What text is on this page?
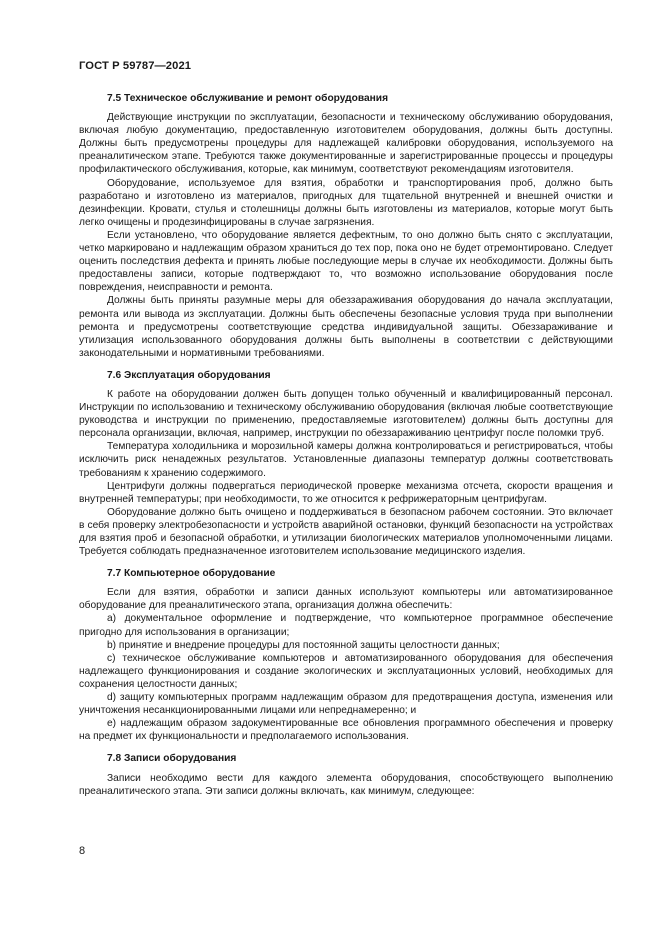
ГОСТ Р 59787—2021
7.5 Техническое обслуживание и ремонт оборудования

Действующие инструкции по эксплуатации, безопасности и техническому обслуживанию оборудования, включая любую документацию, предоставленную изготовителем оборудования, должны быть доступны. Должны быть предусмотрены процедуры для надлежащей калибровки оборудования, используемого на преаналитическом этапе. Требуются также документированные и зарегистрированные процессы и процедуры профилактического обслуживания, которые, как минимум, соответствуют рекомендациям изготовителя.

Оборудование, используемое для взятия, обработки и транспортирования проб, должно быть разработано и изготовлено из материалов, пригодных для тщательной внутренней и внешней очистки и дезинфекции. Кровати, стулья и столешницы должны быть изготовлены из материалов, которые могут быть легко очищены и продезинфицированы в случае загрязнения.

Если установлено, что оборудование является дефектным, то оно должно быть снято с эксплуатации, четко маркировано и надлежащим образом храниться до тех пор, пока оно не будет отремонтировано. Следует оценить последствия дефекта и принять любые последующие меры в случае их необходимости. Должны быть предоставлены записи, которые подтверждают то, что возможно использование оборудования после повреждения, неисправности и ремонта.

Должны быть приняты разумные меры для обеззараживания оборудования до начала эксплуатации, ремонта или вывода из эксплуатации. Должны быть обеспечены безопасные условия труда при выполнении ремонта и предусмотрены соответствующие средства индивидуальной защиты. Обеззараживание и утилизация использованного оборудования должны быть выполнены в соответствии с действующими законодательными и нормативными требованиями.

7.6 Эксплуатация оборудования

К работе на оборудовании должен быть допущен только обученный и квалифицированный персонал. Инструкции по использованию и техническому обслуживанию оборудования (включая любые соответствующие руководства и инструкции по применению, предоставляемые изготовителем) должны быть доступны для персонала организации, включая, например, инструкции по обеззараживанию центрифуг после поломки труб.

Температура холодильника и морозильной камеры должна контролироваться и регистрироваться, чтобы исключить риск ненадежных результатов. Установленные диапазоны температур должны соответствовать требованиям к хранению содержимого.

Центрифуги должны подвергаться периодической проверке механизма отсчета, скорости вращения и внутренней температуры; при необходимости, то же относится к рефрижераторным центрифугам.

Оборудование должно быть очищено и поддерживаться в безопасном рабочем состоянии. Это включает в себя проверку электробезопасности и устройств аварийной остановки, функций безопасности на устройствах для взятия проб и безопасной обработки, и утилизации биологических материалов уполномоченными лицами. Требуется соблюдать предназначенное изготовителем использование медицинского изделия.

7.7 Компьютерное оборудование

Если для взятия, обработки и записи данных используют компьютеры или автоматизированное оборудование для преаналитического этапа, организация должна обеспечить:

a) документальное оформление и подтверждение, что компьютерное программное обеспечение пригодно для использования в организации;

b) принятие и внедрение процедуры для постоянной защиты целостности данных;

c) техническое обслуживание компьютеров и автоматизированного оборудования для обеспечения надлежащего функционирования и создание экологических и эксплуатационных условий, необходимых для сохранения целостности данных;

d) защиту компьютерных программ надлежащим образом для предотвращения доступа, изменения или уничтожения несанкционированными лицами или непреднамеренно; и

e) надлежащим образом задокументированные все обновления программного обеспечения и проверку на предмет их функциональности и предполагаемого использования.

7.8 Записи оборудования

Записи необходимо вести для каждого элемента оборудования, способствующего выполнению преаналитического этапа. Эти записи должны включать, как минимум, следующее:

8
